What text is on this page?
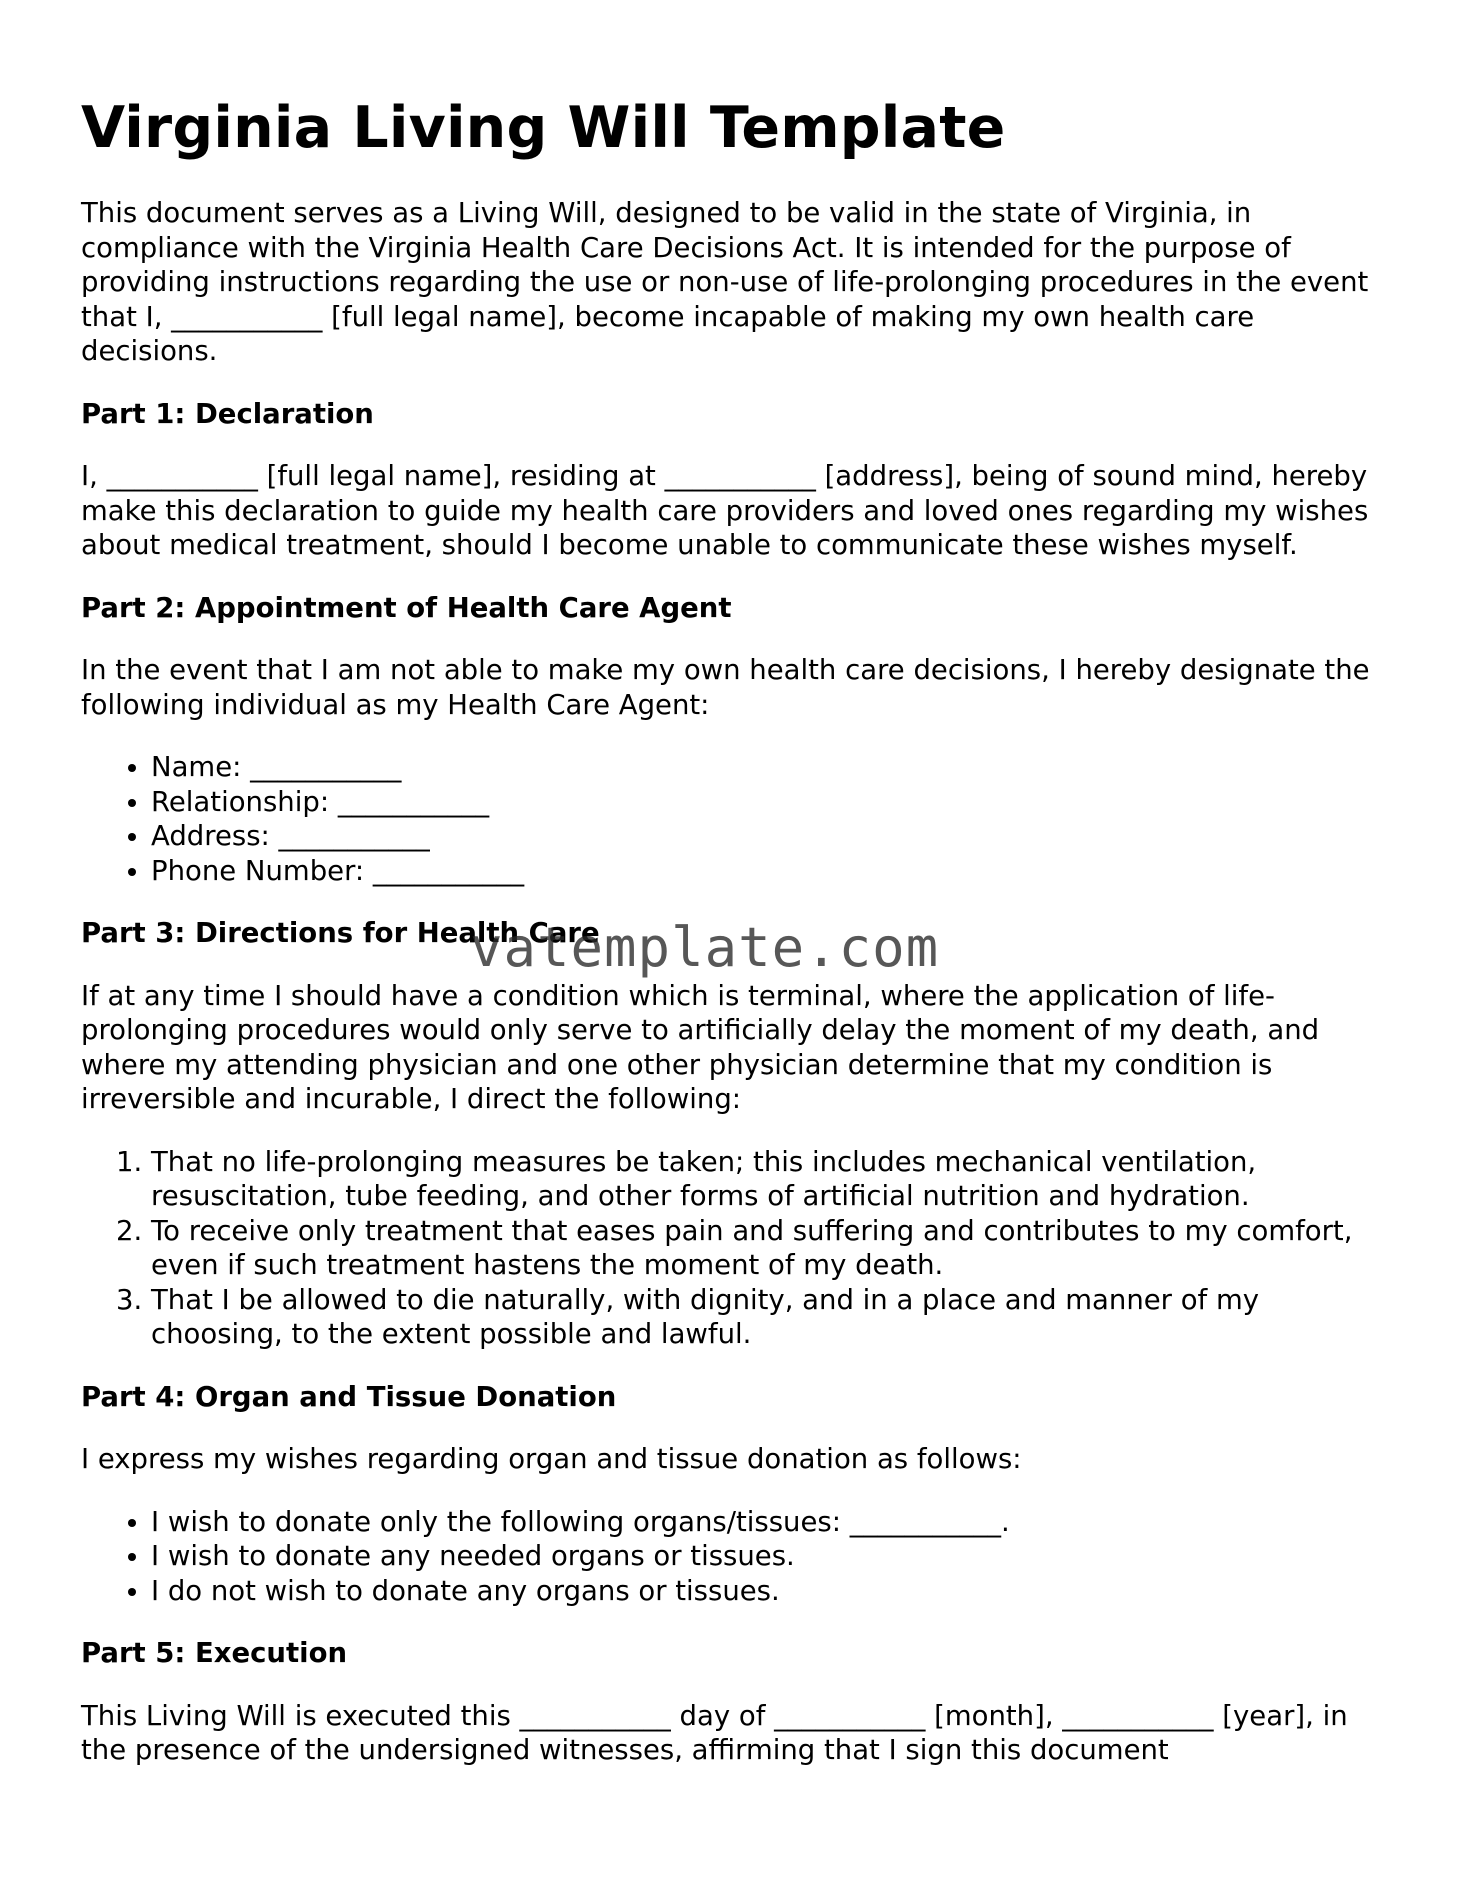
Virginia Living Will Template

This document serves as a Living Will, designed to be valid in the state of Virginia, in compliance with the Virginia Health Care Decisions Act. It is intended for the purpose of providing instructions regarding the use or non-use of life-prolonging procedures in the event that I, ___________ [full legal name], become incapable of making my own health care decisions.

Part 1: Declaration

I, ___________ [full legal name], residing at ___________ [address], being of sound mind, hereby make this declaration to guide my health care providers and loved ones regarding my wishes about medical treatment, should I become unable to communicate these wishes myself.

Part 2: Appointment of Health Care Agent

In the event that I am not able to make my own health care decisions, I hereby designate the following individual as my Health Care Agent:

• Name: ___________
• Relationship: ___________
• Address: ___________
• Phone Number: ___________
Part 3: Directions for Health Care

If at any time I should have a condition which is terminal, where the application of life-prolonging procedures would only serve to artificially delay the moment of my death, and where my attending physician and one other physician determine that my condition is irreversible and incurable, I direct the following:

1. That no life-prolonging measures be taken; this includes mechanical ventilation, resuscitation, tube feeding, and other forms of artificial nutrition and hydration.
2. To receive only treatment that eases pain and suffering and contributes to my comfort, even if such treatment hastens the moment of my death.
3. That I be allowed to die naturally, with dignity, and in a place and manner of my choosing, to the extent possible and lawful.
Part 4: Organ and Tissue Donation

I express my wishes regarding organ and tissue donation as follows:

• I wish to donate only the following organs/tissues: ___________.
• I wish to donate any needed organs or tissues.
• I do not wish to donate any organs or tissues.
Part 5: Execution

This Living Will is executed this ___________ day of ___________ [month], ___________ [year], in the presence of the undersigned witnesses, affirming that I sign this document

vatemplate.com
